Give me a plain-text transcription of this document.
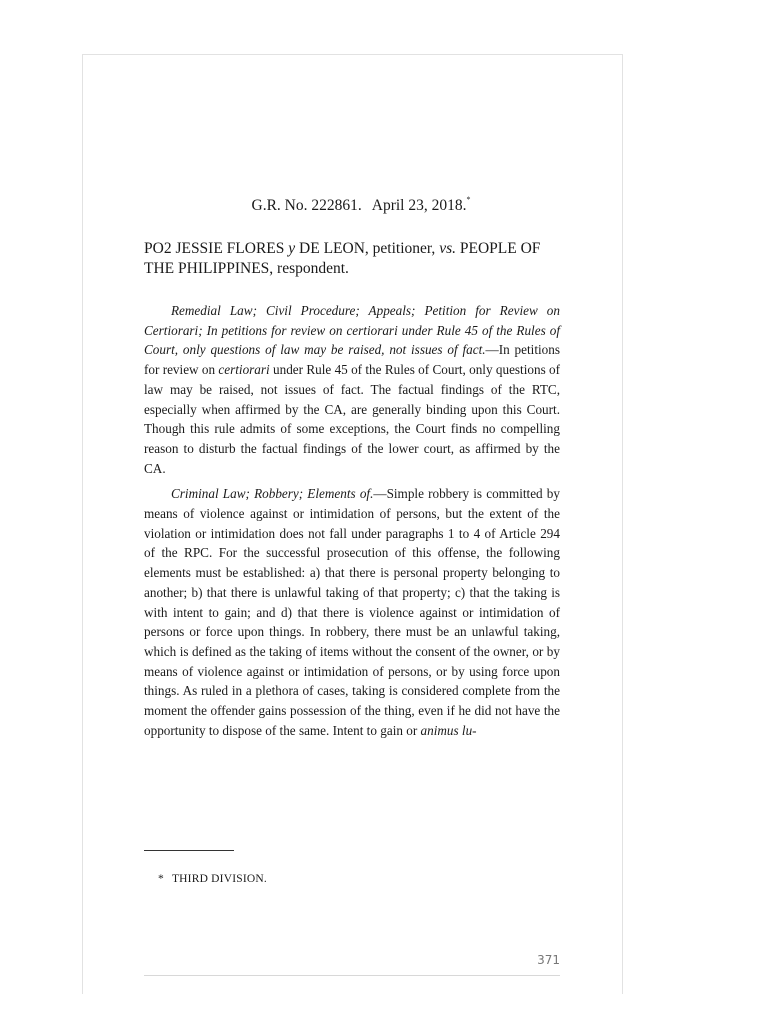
G.R. No. 222861. April 23, 2018.*

PO2 JESSIE FLORES y DE LEON, petitioner, vs. PEOPLE OF THE PHILIPPINES, respondent.

Remedial Law; Civil Procedure; Appeals; Petition for Review on Certiorari; In petitions for review on certiorari under Rule 45 of the Rules of Court, only questions of law may be raised, not issues of fact.—In petitions for review on certiorari under Rule 45 of the Rules of Court, only questions of law may be raised, not issues of fact. The factual findings of the RTC, especially when affirmed by the CA, are generally binding upon this Court. Though this rule admits of some exceptions, the Court finds no compelling reason to disturb the factual findings of the lower court, as affirmed by the CA.

Criminal Law; Robbery; Elements of.—Simple robbery is committed by means of violence against or intimidation of persons, but the extent of the violation or intimidation does not fall under paragraphs 1 to 4 of Article 294 of the RPC. For the successful prosecution of this offense, the following elements must be established: a) that there is personal property belonging to another; b) that there is unlawful taking of that property; c) that the taking is with intent to gain; and d) that there is violence against or intimidation of persons or force upon things. In robbery, there must be an unlawful taking, which is defined as the taking of items without the consent of the owner, or by means of violence against or intimidation of persons, or by using force upon things. As ruled in a plethora of cases, taking is considered complete from the moment the offender gains possession of the thing, even if he did not have the opportunity to dispose of the same. Intent to gain or animus lu-

* THIRD DIVISION.
371
